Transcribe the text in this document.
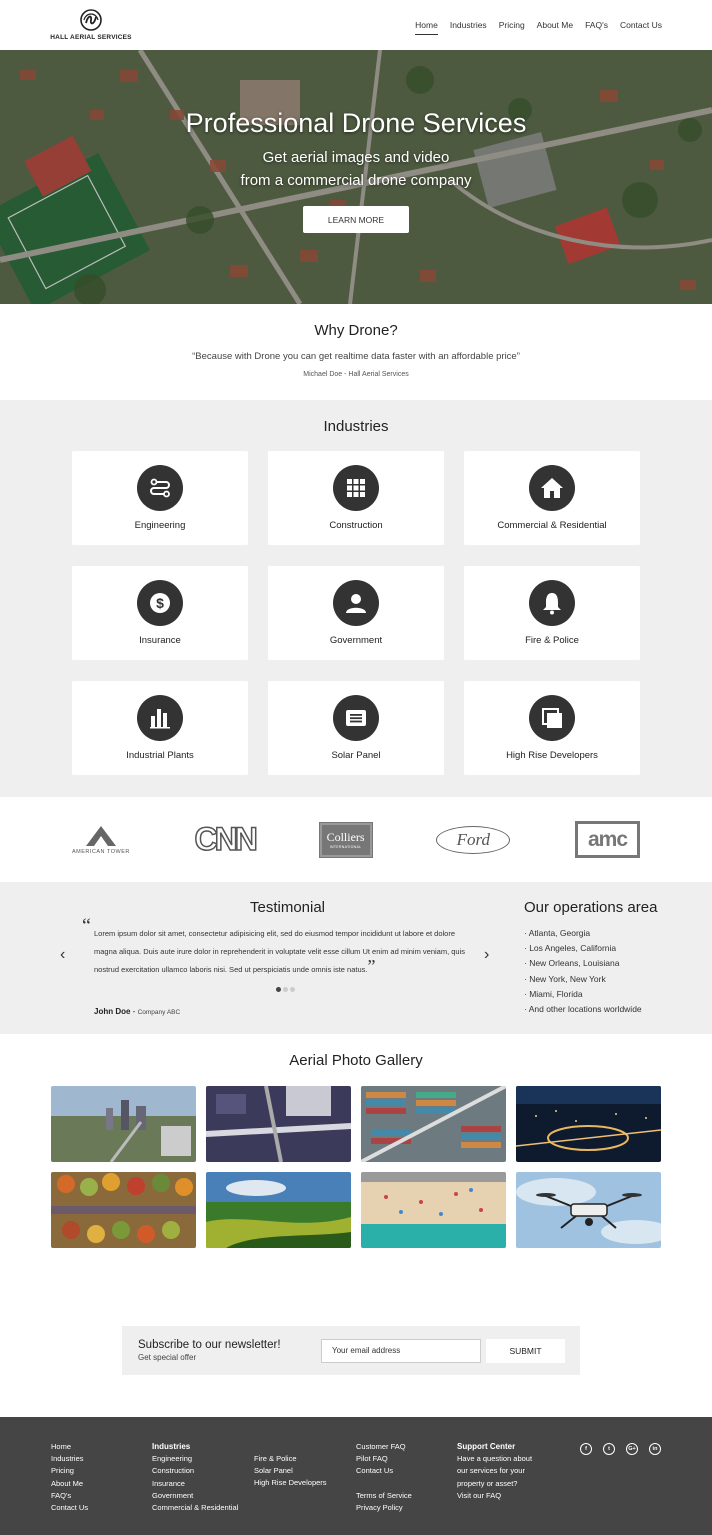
HALL AERIAL SERVICES
Home Industries Pricing About Me FAQ's Contact Us
Professional Drone Services
Get aerial images and video
from a commercial drone company
LEARN MORE
Why Drone?
“Because with Drone you can get realtime data faster with an affordable price”
Michael Doe - Hall Aerial Services
Industries
Engineering	Construction	Commercial & Residential
$
Insurance	Government	Fire & Police
Industrial Plants	Solar Panel	High Rise Developers
AMERICAN TOWER CNN	Colliers
INTERNATIONAL	Ford	amc
Testimonial
‹
“ Lorem ipsum dolor sit amet, consectetur adipisicing elit, sed do eiusmod tempor incididunt ut labore et dolore magna aliqua. Duis aute irure dolor in reprehenderit in voluptate velit esse cillum Ut enim ad minim veniam, quis nostrud exercitation ullamco laboris nisi. Sed ut perspiciatis unde omnis iste natus.”
›
John Doe - Company ABC
Our operations area
· Atlanta, Georgia
· Los Angeles, California
· New Orleans, Louisiana
· New York, New York
· Miami, Florida
· And other locations worldwide
Aerial Photo Gallery
Subscribe to our newsletter!
Get special offer
Your email address
SUBMIT
Home
Industries
Pricing
About Me
FAQ's
Contact Us
Industries
Engineering
Construction
Insurance
Government
Commercial & Residential
Fire & Police
Solar Panel
High Rise Developers
Customer FAQ
Pilot FAQ
Contact Us
Terms of Service
Privacy Policy
Support Center
Have a question about
our services for your
property or asset?
Visit our FAQ
f	t	G+	in
